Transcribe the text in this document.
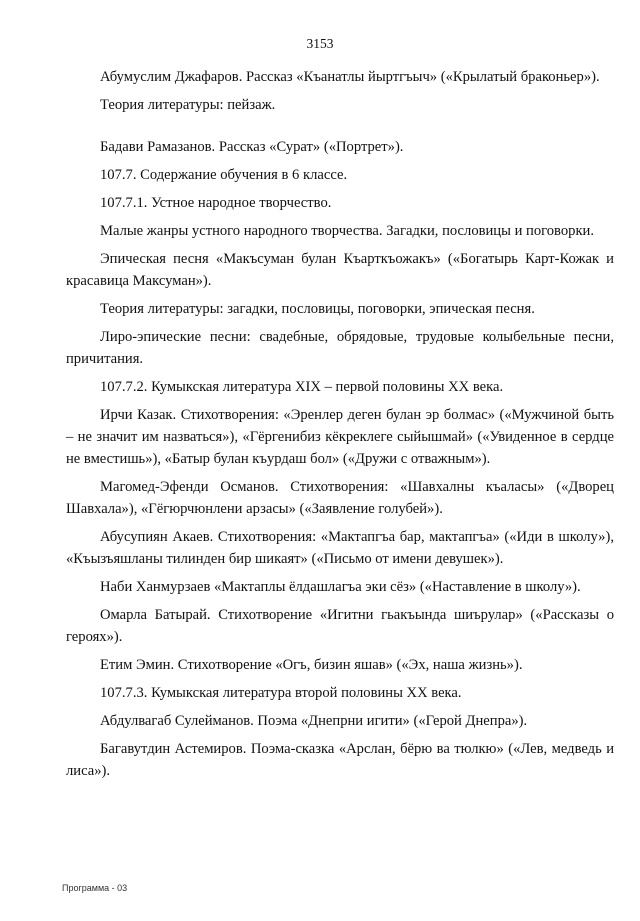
3153

Абумуслим Джафаров. Рассказ «Къанатлы йыртгъыч» («Крылатый браконьер»).

Теория литературы: пейзаж.

Бадави Рамазанов. Рассказ «Сурат» («Портрет»).

107.7. Содержание обучения в 6 классе.

107.7.1. Устное народное творчество.

Малые жанры устного народного творчества. Загадки, пословицы и поговорки.

Эпическая песня «Макъсуман булан Къарткъожакъ» («Богатырь Карт-Кожак и красавица Максуман»).

Теория литературы: загадки, пословицы, поговорки, эпическая песня.

Лиро-эпические песни: свадебные, обрядовые, трудовые колыбельные песни, причитания.

107.7.2. Кумыкская литература XIX – первой половины XX века.

Ирчи Казак. Стихотворения: «Эренлер деген булан эр болмас» («Мужчиной быть – не значит им назваться»), «Гёргенибиз кёкреклеге сыйышмай» («Увиденное в сердце не вместишь»), «Батыр булан къурдаш бол» («Дружи с отважным»).

Магомед-Эфенди Османов. Стихотворения: «Шавхалны къаласы» («Дворец Шавхала»), «Гёгюрчюнлени арзасы» («Заявление голубей»).

Абусупиян Акаев. Стихотворения: «Мактапгъа бар, мактапгъа» («Иди в школу»), «Къызъяшланы тилинден бир шикаят» («Письмо от имени девушек»).

Наби Ханмурзаев «Мактаплы ёлдашлагъа эки сёз» («Наставление в школу»).

Омарла Батырай. Стихотворение «Игитни гьакъында шиърулар» («Рассказы о героях»).

Етим Эмин. Стихотворение «Огъ, бизин яшав» («Эх, наша жизнь»).

107.7.3. Кумыкская литература второй половины XX века.

Абдулвагаб Сулейманов. Поэма «Днепрни игити» («Герой Днепра»).

Багавутдин Астемиров. Поэма-сказка «Арслан, бёрю ва тюлкю» («Лев, медведь и лиса»).

Программа - 03
